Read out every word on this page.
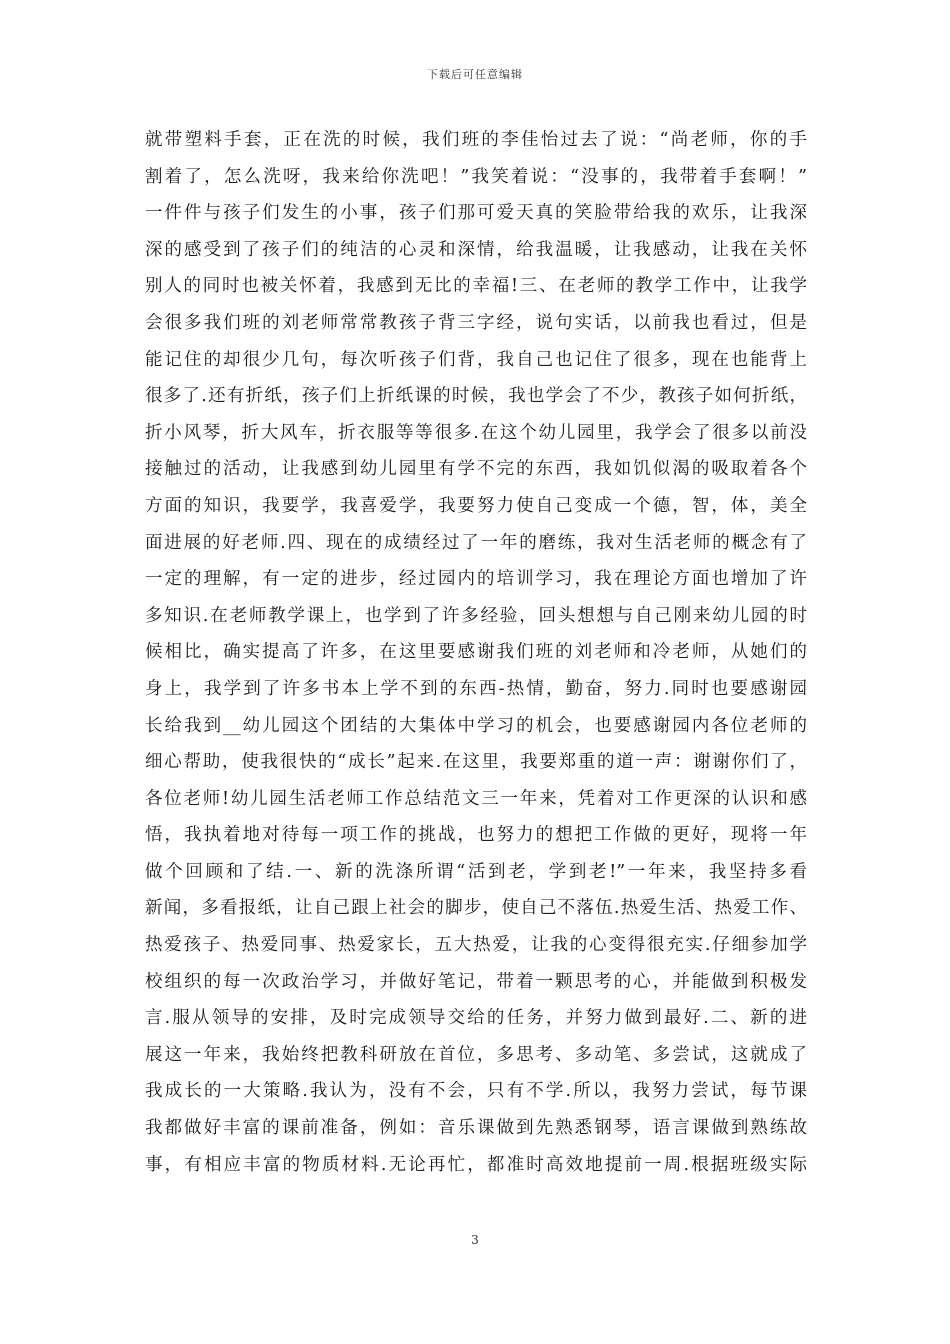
下载后可任意编辑
就带塑料手套，正在洗的时候，我们班的李佳怡过去了说：“尚老师，你的手
割着了，怎么洗呀，我来给你洗吧！”我笑着说：“没事的，我带着手套啊！”
一件件与孩子们发生的小事，孩子们那可爱天真的笑脸带给我的欢乐，让我深
深的感受到了孩子们的纯洁的心灵和深情，给我温暖，让我感动，让我在关怀
别人的同时也被关怀着，我感到无比的幸福!三、在老师的教学工作中，让我学
会很多我们班的刘老师常常教孩子背三字经，说句实话，以前我也看过，但是
能记住的却很少几句，每次听孩子们背，我自己也记住了很多，现在也能背上
很多了.还有折纸，孩子们上折纸课的时候，我也学会了不少，教孩子如何折纸，
折小风琴，折大风车，折衣服等等很多.在这个幼儿园里，我学会了很多以前没
接触过的活动，让我感到幼儿园里有学不完的东西，我如饥似渴的吸取着各个
方面的知识，我要学，我喜爱学，我要努力使自己变成一个德，智，体，美全
面进展的好老师.四、现在的成绩经过了一年的磨练，我对生活老师的概念有了
一定的理解，有一定的进步，经过园内的培训学习，我在理论方面也增加了许
多知识.在老师教学课上，也学到了许多经验，回头想想与自己刚来幼儿园的时
候相比，确实提高了许多，在这里要感谢我们班的刘老师和冷老师，从她们的
身上，我学到了许多书本上学不到的东西-热情，勤奋，努力.同时也要感谢园
长给我到__幼儿园这个团结的大集体中学习的机会，也要感谢园内各位老师的
细心帮助，使我很快的“成长”起来.在这里，我要郑重的道一声：谢谢你们了，
各位老师!幼儿园生活老师工作总结范文三一年来，凭着对工作更深的认识和感
悟，我执着地对待每一项工作的挑战，也努力的想把工作做的更好，现将一年
做个回顾和了结.一、新的洗涤所谓“活到老，学到老!”一年来，我坚持多看
新闻，多看报纸，让自己跟上社会的脚步，使自己不落伍.热爱生活、热爱工作、
热爱孩子、热爱同事、热爱家长，五大热爱，让我的心变得很充实.仔细参加学
校组织的每一次政治学习，并做好笔记，带着一颗思考的心，并能做到积极发
言.服从领导的安排，及时完成领导交给的任务，并努力做到最好.二、新的进
展这一年来，我始终把教科研放在首位，多思考、多动笔、多尝试，这就成了
我成长的一大策略.我认为，没有不会，只有不学.所以，我努力尝试，每节课
我都做好丰富的课前准备，例如：音乐课做到先熟悉钢琴，语言课做到熟练故
事，有相应丰富的物质材料.无论再忙，都准时高效地提前一周.根据班级实际
3
